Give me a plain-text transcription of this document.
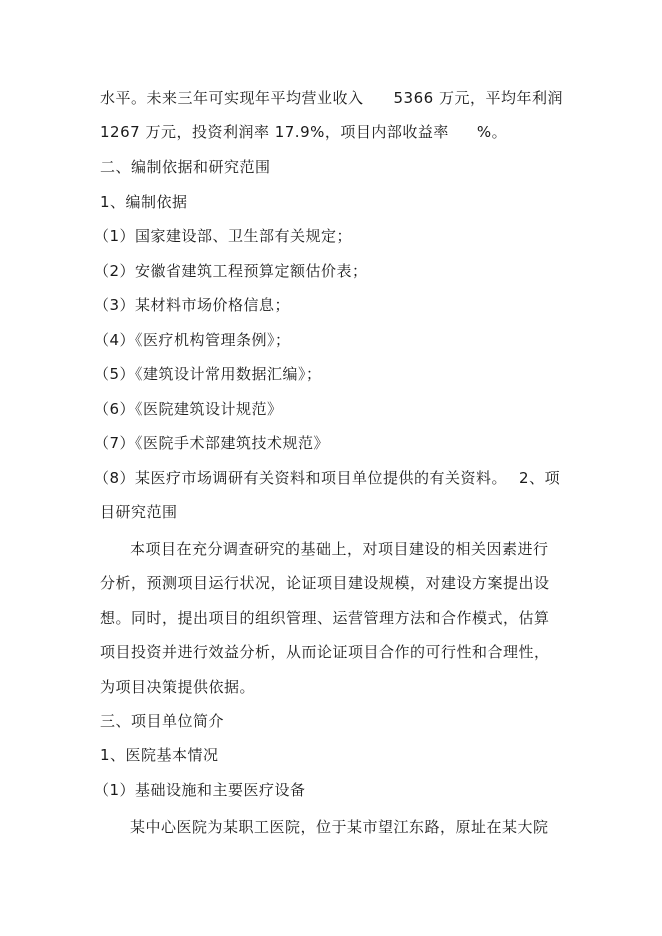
水平。未来三年可实现年平均营业收入 5366 万元，平均年利润
1267 万元，投资利润率 17.9%，项目内部收益率 %。
二、编制依据和研究范围
1、编制依据
（1）国家建设部、卫生部有关规定；
（2）安徽省建筑工程预算定额估价表；
（3）某材料市场价格信息；
（4）《医疗机构管理条例》；
（5）《建筑设计常用数据汇编》；
（6）《医院建筑设计规范》
（7）《医院手术部建筑技术规范》
（8）某医疗市场调研有关资料和项目单位提供的有关资料。 2、项
目研究范围
本项目在充分调查研究的基础上，对项目建设的相关因素进行
分析，预测项目运行状况，论证项目建设规模，对建设方案提出设
想。同时，提出项目的组织管理、运营管理方法和合作模式，估算
项目投资并进行效益分析，从而论证项目合作的可行性和合理性，
为项目决策提供依据。
三、项目单位简介
1、医院基本情况
（1）基础设施和主要医疗设备
某中心医院为某职工医院，位于某市望江东路，原址在某大院
